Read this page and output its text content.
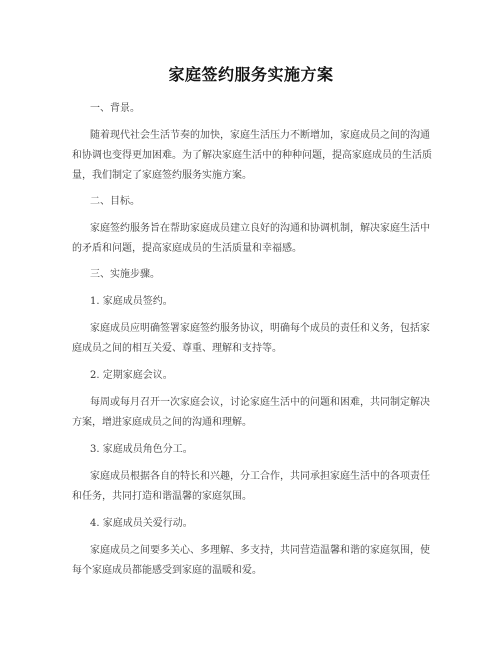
家庭签约服务实施方案
一、背景。
随着现代社会生活节奏的加快，家庭生活压力不断增加，家庭成员之间的沟通
和协调也变得更加困难。为了解决家庭生活中的种种问题，提高家庭成员的生活质
量，我们制定了家庭签约服务实施方案。
二、目标。
家庭签约服务旨在帮助家庭成员建立良好的沟通和协调机制，解决家庭生活中
的矛盾和问题，提高家庭成员的生活质量和幸福感。
三、实施步骤。
1. 家庭成员签约。
家庭成员应明确签署家庭签约服务协议，明确每个成员的责任和义务，包括家
庭成员之间的相互关爱、尊重、理解和支持等。
2. 定期家庭会议。
每周或每月召开一次家庭会议，讨论家庭生活中的问题和困难，共同制定解决
方案，增进家庭成员之间的沟通和理解。
3. 家庭成员角色分工。
家庭成员根据各自的特长和兴趣，分工合作，共同承担家庭生活中的各项责任
和任务，共同打造和谐温馨的家庭氛围。
4. 家庭成员关爱行动。
家庭成员之间要多关心、多理解、多支持，共同营造温馨和谐的家庭氛围，使
每个家庭成员都能感受到家庭的温暖和爱。
